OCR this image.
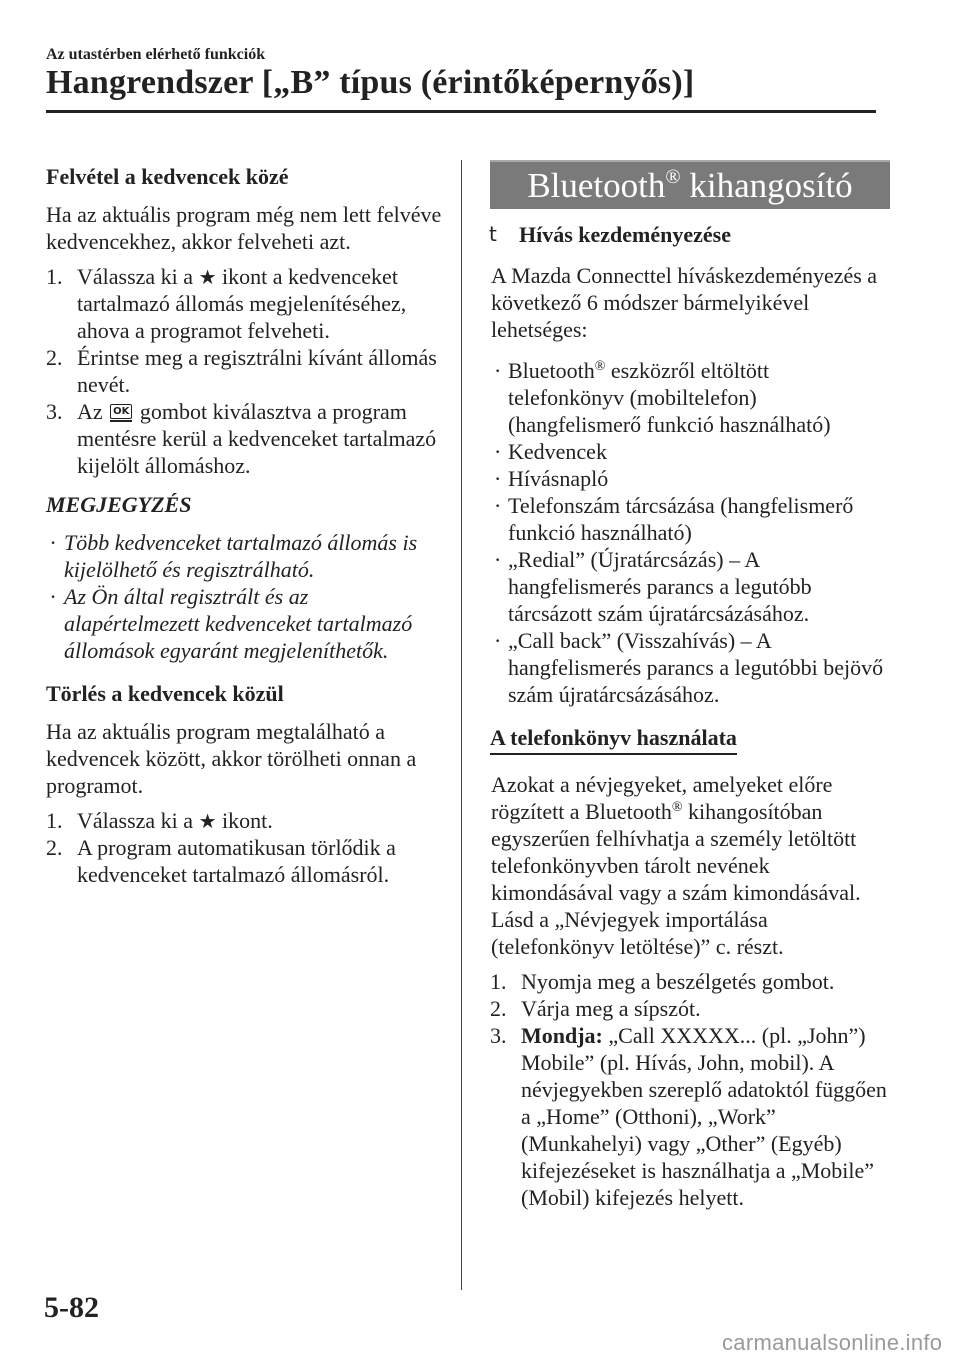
Az utastérben elérhető funkciók
Hangrendszer [„B” típus (érintőképernyős)]
Felvétel a kedvencek közé

Ha az aktuális program még nem lett felvéve kedvencekhez, akkor felveheti azt.

1. Válassza ki a ★ ikont a kedvenceket tartalmazó állomás megjelenítéséhez, ahova a programot felveheti.
2. Érintse meg a regisztrálni kívánt állomás nevét.
3. Az OK gombot kiválasztva a program mentésre kerül a kedvenceket tartalmazó kijelölt állomáshoz.
MEGJEGYZÉS
· Több kedvenceket tartalmazó állomás is kijelölhető és regisztrálható.
· Az Ön által regisztrált és az alapértelmezett kedvenceket tartalmazó állomások egyaránt megjeleníthetők.
Törlés a kedvencek közül

Ha az aktuális program megtalálható a kedvencek között, akkor törölheti onnan a programot.

1. Válassza ki a ★ ikont.
2. A program automatikusan törlődik a kedvenceket tartalmazó állomásról.
Bluetooth® kihangosító
t Hívás kezdeményezése

A Mazda Connecttel híváskezdeményezés a következő 6 módszer bármelyikével lehetséges:

· Bluetooth® eszközről eltöltött telefonkönyv (mobiltelefon) (hangfelismerő funkció használható)
· Kedvencek
· Hívásnapló
· Telefonszám tárcsázása (hangfelismerő funkció használható)
· „Redial” (Újratárcsázás) – A hangfelismerés parancs a legutóbb tárcsázott szám újratárcsázásához.
· „Call back” (Visszahívás) – A hangfelismerés parancs a legutóbbi bejövő szám újratárcsázásához.
A telefonkönyv használata

Azokat a névjegyeket, amelyeket előre rögzített a Bluetooth® kihangosítóban egyszerűen felhívhatja a személy letöltött telefonkönyvben tárolt nevének kimondásával vagy a szám kimondásával. Lásd a „Névjegyek importálása (telefonkönyv letöltése)” c. részt.

1. Nyomja meg a beszélgetés gombot.
2. Várja meg a sípszót.
3. Mondja: „Call XXXXX... (pl. „John”) Mobile” (pl. Hívás, John, mobil). A névjegyekben szereplő adatoktól függően a „Home” (Otthoni), „Work” (Munkahelyi) vagy „Other” (Egyéb) kifejezéseket is használhatja a „Mobile” (Mobil) kifejezés helyett.
5-82
carmanualsonline.info
